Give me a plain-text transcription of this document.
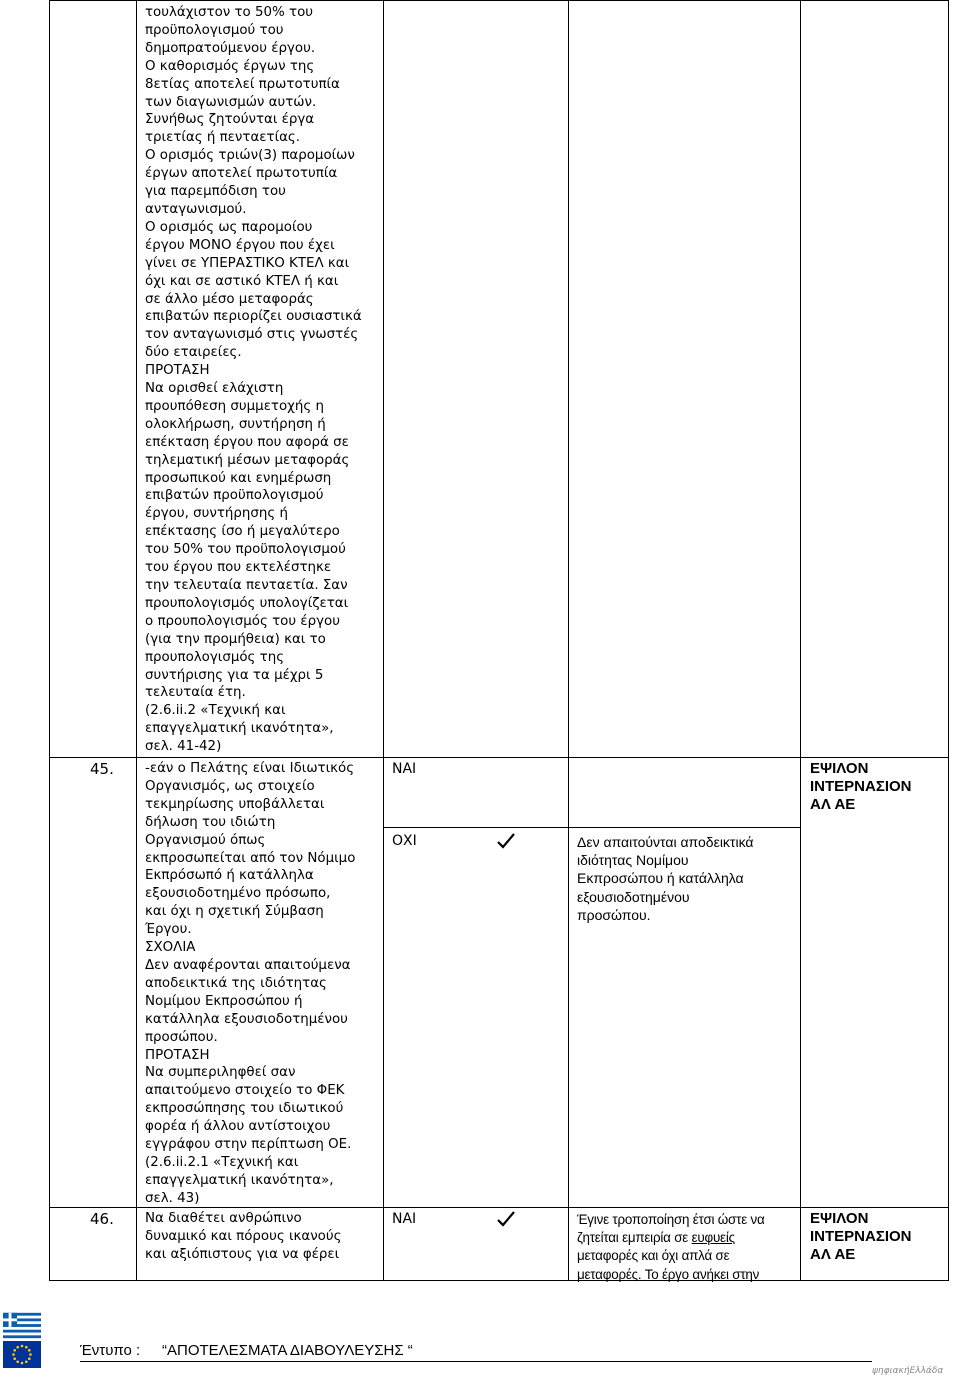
τουλάχιστον το 50% του
προϋπολογισμού του
δημοπρατούμενου έργου.
Ο καθορισμός έργων της
8ετίας αποτελεί πρωτοτυπία
των διαγωνισμών αυτών.
Συνήθως ζητούνται έργα
τριετίας ή πενταετίας.
Ο ορισμός τριών(3) παρομοίων
έργων αποτελεί πρωτοτυπία
για παρεμπόδιση του
ανταγωνισμού.
Ο ορισμός ως παρομοίου
έργου ΜΟΝΟ έργου που έχει
γίνει σε ΥΠΕΡΑΣΤΙΚΟ ΚΤΕΛ και
όχι και σε αστικό ΚΤΕΛ ή και
σε άλλο μέσο μεταφοράς
επιβατών περιορίζει ουσιαστικά
τον ανταγωνισμό στις γνωστές
δύο εταιρείες.
ΠΡΟΤΑΣΗ
Να ορισθεί ελάχιστη
προυπόθεση συμμετοχής η
ολοκλήρωση, συντήρηση ή
επέκταση έργου που αφορά σε
τηλεματική μέσων μεταφοράς
προσωπικού και ενημέρωση
επιβατών προϋπολογισμού
έργου, συντήρησης ή
επέκτασης ίσο ή μεγαλύτερο
του 50% του προϋπολογισμού
του έργου που εκτελέστηκε
την τελευταία πενταετία. Σαν
προυπολογισμός υπολογίζεται
ο προυπολογισμός του έργου
(για την προμήθεια) και το
προυπολογισμός της
συντήρισης για τα μέχρι 5
τελευταία έτη.
(2.6.ii.2 «Τεχνική και
επαγγελματική ικανότητα»,
σελ. 41-42)
45. -εάν ο Πελάτης είναι Ιδιωτικός
Οργανισμός, ως στοιχείο
τεκμηρίωσης υποβάλλεται
δήλωση του ιδιώτη
Οργανισμού όπως
εκπροσωπείται από τον Νόμιμο
Εκπρόσωπό ή κατάλληλα
εξουσιοδοτημένο πρόσωπο,
και όχι η σχετική Σύμβαση
Έργου.
ΣΧΟΛΙΑ
Δεν αναφέρονται απαιτούμενα
αποδεικτικά της ιδιότητας
Νομίμου Εκπροσώπου ή
κατάλληλα εξουσιοδοτημένου
προσώπου.
ΠΡΟΤΑΣΗ
Να συμπεριληφθεί σαν
απαιτούμενο στοιχείο το ΦΕΚ
εκπροσώπησης του ιδιωτικού
φορέα ή άλλου αντίστοιχου
εγγράφου στην περίπτωση ΟΕ.
(2.6.ii.2.1 «Τεχνική και
επαγγελματική ικανότητα»,
σελ. 43)
ΝΑΙ
ΟΧΙ	Δεν απαιτούνται αποδεικτικά
ιδιότητας Νομίμου
Εκπροσώπου ή κατάλληλα
εξουσιοδοτημένου
προσώπου.
ΕΨΙΛΟΝ
ΙΝΤΕΡΝΑΣΙΟΝ
ΑΛ ΑΕ
46. Να διαθέτει ανθρώπινο
δυναμικό και πόρους ικανούς
και αξιόπιστους για να φέρει
ΝΑΙ	Έγινε τροποποίηση έτσι ώστε να
ζητείται εμπειρία σε ευφυείς
μεταφορές και όχι απλά σε
μεταφορές. Το έργο ανήκει στην
ΕΨΙΛΟΝ
ΙΝΤΕΡΝΑΣΙΟΝ
ΑΛ ΑΕ
Έντυπο : “ΑΠΟΤΕΛΕΣΜΑΤΑ ΔΙΑΒΟΥΛΕΥΣΗΣ “
ψηφιακήΕλλάδα
